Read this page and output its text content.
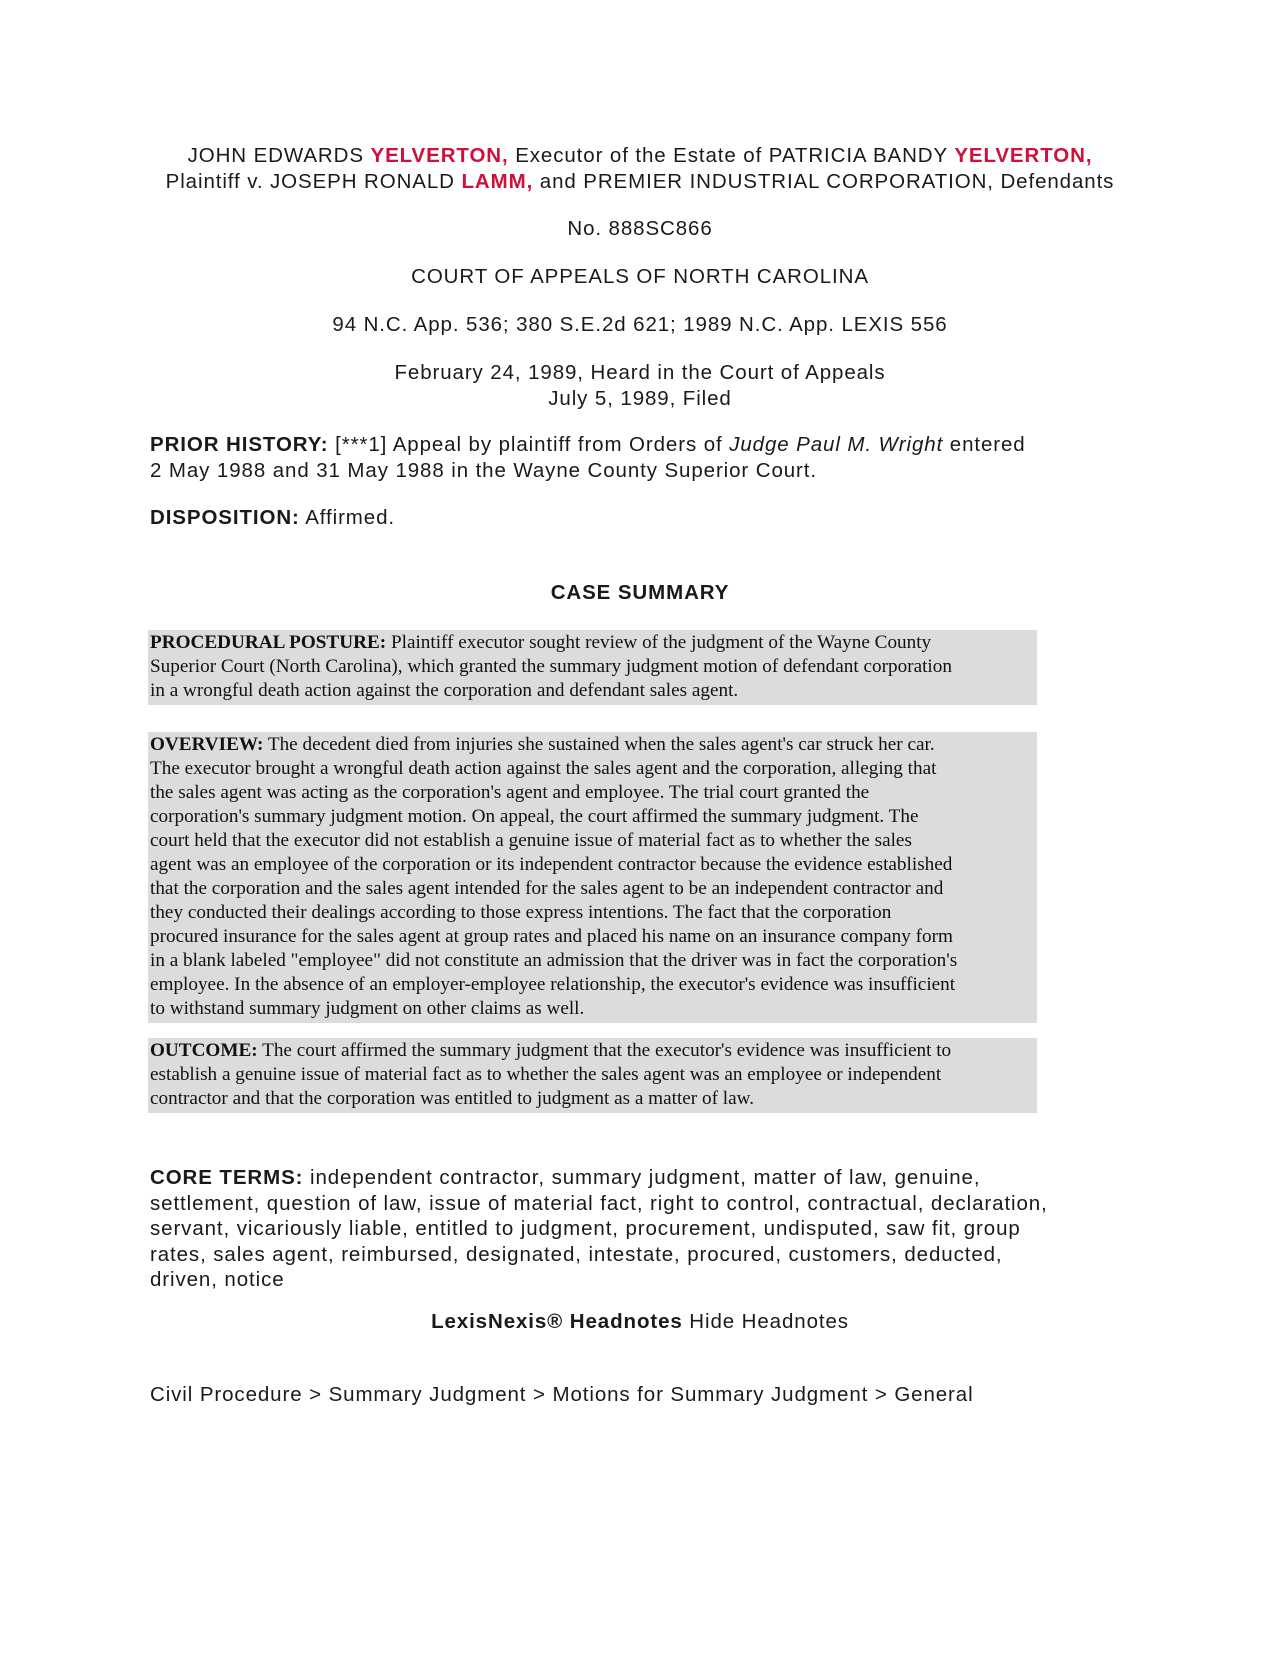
JOHN EDWARDS YELVERTON, Executor of the Estate of PATRICIA BANDY YELVERTON,
Plaintiff v. JOSEPH RONALD LAMM, and PREMIER INDUSTRIAL CORPORATION, Defendants
No. 888SC866
COURT OF APPEALS OF NORTH CAROLINA
94 N.C. App. 536; 380 S.E.2d 621; 1989 N.C. App. LEXIS 556
February 24, 1989, Heard in the Court of Appeals
July 5, 1989, Filed
PRIOR HISTORY: [***1] Appeal by plaintiff from Orders of Judge Paul M. Wright entered
2 May 1988 and 31 May 1988 in the Wayne County Superior Court.
DISPOSITION: Affirmed.
CASE SUMMARY
PROCEDURAL POSTURE: Plaintiff executor sought review of the judgment of the Wayne County
Superior Court (North Carolina), which granted the summary judgment motion of defendant corporation
in a wrongful death action against the corporation and defendant sales agent.
OVERVIEW: The decedent died from injuries she sustained when the sales agent's car struck her car.
The executor brought a wrongful death action against the sales agent and the corporation, alleging that
the sales agent was acting as the corporation's agent and employee. The trial court granted the
corporation's summary judgment motion. On appeal, the court affirmed the summary judgment. The
court held that the executor did not establish a genuine issue of material fact as to whether the sales
agent was an employee of the corporation or its independent contractor because the evidence established
that the corporation and the sales agent intended for the sales agent to be an independent contractor and
they conducted their dealings according to those express intentions. The fact that the corporation
procured insurance for the sales agent at group rates and placed his name on an insurance company form
in a blank labeled "employee" did not constitute an admission that the driver was in fact the corporation's
employee. In the absence of an employer-employee relationship, the executor's evidence was insufficient
to withstand summary judgment on other claims as well.
OUTCOME: The court affirmed the summary judgment that the executor's evidence was insufficient to
establish a genuine issue of material fact as to whether the sales agent was an employee or independent
contractor and that the corporation was entitled to judgment as a matter of law.
CORE TERMS: independent contractor, summary judgment, matter of law, genuine,
settlement, question of law, issue of material fact, right to control, contractual, declaration,
servant, vicariously liable, entitled to judgment, procurement, undisputed, saw fit, group
rates, sales agent, reimbursed, designated, intestate, procured, customers, deducted,
driven, notice
LexisNexis® Headnotes Hide Headnotes
Civil Procedure > Summary Judgment > Motions for Summary Judgment > General
